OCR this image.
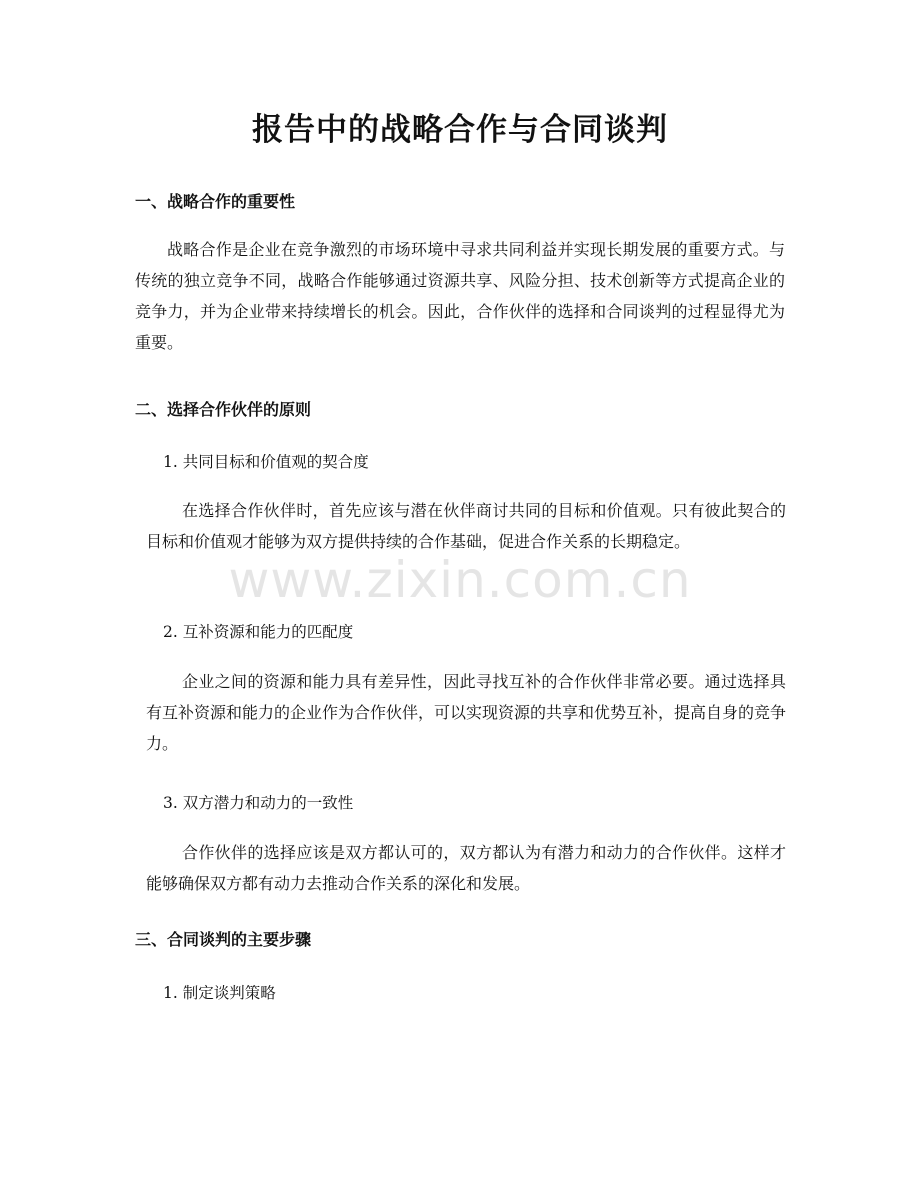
报告中的战略合作与合同谈判
一、战略合作的重要性

战略合作是企业在竞争激烈的市场环境中寻求共同利益并实现长期发展的重要方式。与传统的独立竞争不同，战略合作能够通过资源共享、风险分担、技术创新等方式提高企业的竞争力，并为企业带来持续增长的机会。因此，合作伙伴的选择和合同谈判的过程显得尤为重要。

二、选择合作伙伴的原则

1. 共同目标和价值观的契合度

在选择合作伙伴时，首先应该与潜在伙伴商讨共同的目标和价值观。只有彼此契合的目标和价值观才能够为双方提供持续的合作基础，促进合作关系的长期稳定。

2. 互补资源和能力的匹配度

企业之间的资源和能力具有差异性，因此寻找互补的合作伙伴非常必要。通过选择具有互补资源和能力的企业作为合作伙伴，可以实现资源的共享和优势互补，提高自身的竞争力。

3. 双方潜力和动力的一致性

合作伙伴的选择应该是双方都认可的，双方都认为有潜力和动力的合作伙伴。这样才能够确保双方都有动力去推动合作关系的深化和发展。

三、合同谈判的主要步骤

1. 制定谈判策略

www.zixin.com.cn
